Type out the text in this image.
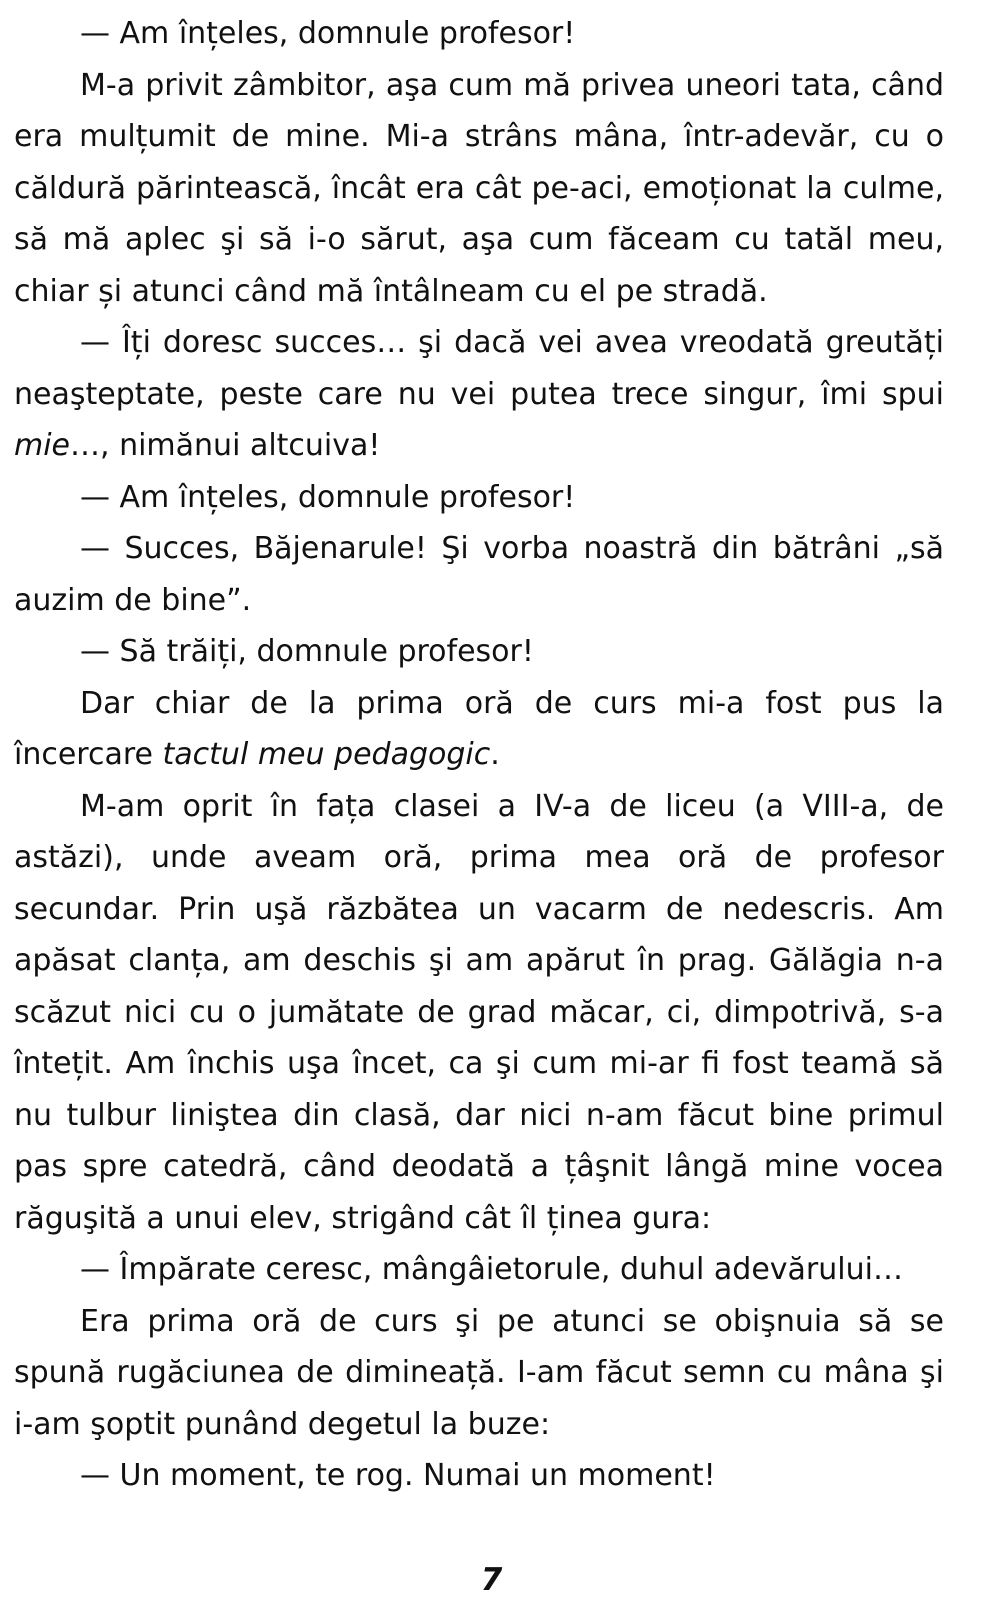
— Am înțeles, domnule profesor!

M-a privit zâmbitor, aşa cum mă privea uneori tata, când era mulțumit de mine. Mi-a strâns mâna, într-adevăr, cu o căldură părintească, încât era cât pe-aci, emoționat la culme, să mă aplec şi să i-o sărut, aşa cum făceam cu tatăl meu, chiar și atunci când mă întâlneam cu el pe stradă.

— Îți doresc succes… şi dacă vei avea vreodată greutăți neaşteptate, peste care nu vei putea trece singur, îmi spui mie…, nimănui altcuiva!

— Am înțeles, domnule profesor!

— Succes, Băjenarule! Şi vorba noastră din bătrâni „să auzim de bine”.

— Să trăiți, domnule profesor!

Dar chiar de la prima oră de curs mi-a fost pus la încercare tactul meu pedagogic.

M-am oprit în fața clasei a IV-a de liceu (a VIII-a, de astăzi), unde aveam oră, prima mea oră de profesor secundar. Prin uşă răzbătea un vacarm de nedescris. Am apăsat clanța, am deschis şi am apărut în prag. Gălăgia n-a scăzut nici cu o jumătate de grad măcar, ci, dimpotrivă, s-a întețit. Am închis uşa încet, ca şi cum mi-ar fi fost teamă să nu tulbur liniştea din clasă, dar nici n-am făcut bine primul pas spre catedră, când deodată a țâşnit lângă mine vocea răguşită a unui elev, strigând cât îl ținea gura:

— Împărate ceresc, mângâietorule, duhul adevărului…

Era prima oră de curs şi pe atunci se obişnuia să se spună rugăciunea de dimineață. I-am făcut semn cu mâna şi i-am şoptit punând degetul la buze:

— Un moment, te rog. Numai un moment!

7
